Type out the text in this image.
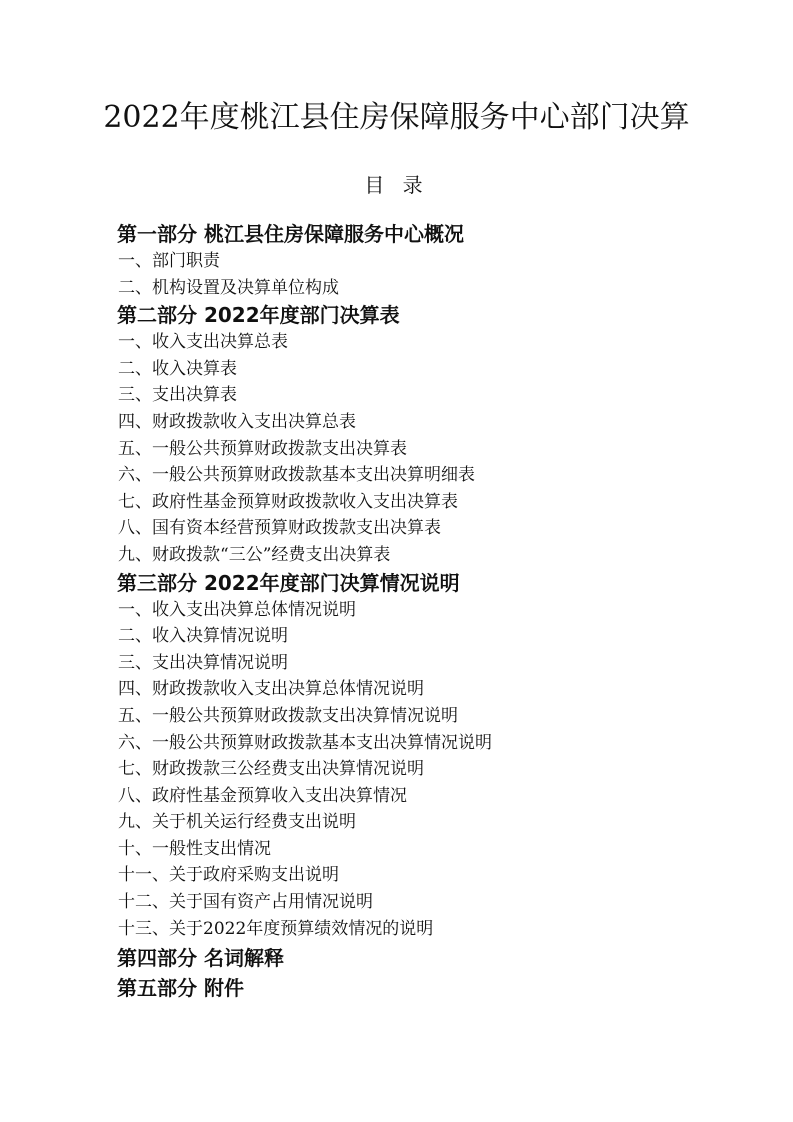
2022年度桃江县住房保障服务中心部门决算
目 录
第一部分 桃江县住房保障服务中心概况
一、部门职责
二、机构设置及决算单位构成
第二部分 2022年度部门决算表
一、收入支出决算总表
二、收入决算表
三、支出决算表
四、财政拨款收入支出决算总表
五、一般公共预算财政拨款支出决算表
六、一般公共预算财政拨款基本支出决算明细表
七、政府性基金预算财政拨款收入支出决算表
八、国有资本经营预算财政拨款支出决算表
九、财政拨款“三公”经费支出决算表
第三部分 2022年度部门决算情况说明
一、收入支出决算总体情况说明
二、收入决算情况说明
三、支出决算情况说明
四、财政拨款收入支出决算总体情况说明
五、一般公共预算财政拨款支出决算情况说明
六、一般公共预算财政拨款基本支出决算情况说明
七、财政拨款三公经费支出决算情况说明
八、政府性基金预算收入支出决算情况
九、关于机关运行经费支出说明
十、一般性支出情况
十一、关于政府采购支出说明
十二、关于国有资产占用情况说明
十三、关于2022年度预算绩效情况的说明
第四部分 名词解释
第五部分 附件
